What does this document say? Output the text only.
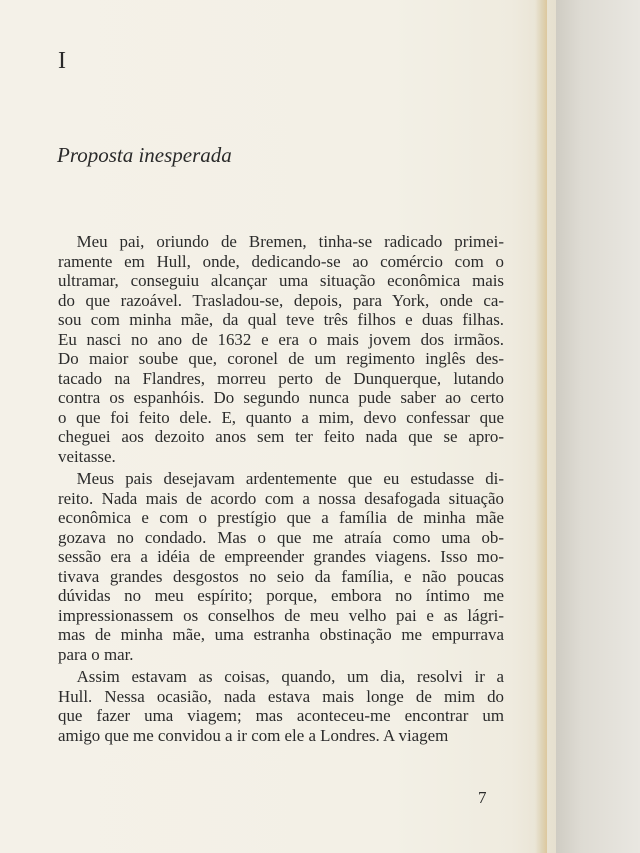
I
Proposta inesperada

Meu pai, oriundo de Bremen, tinha-se radicado primei-
ramente em Hull, onde, dedicando-se ao comércio com o
ultramar, conseguiu alcançar uma situação econômica mais
do que razoável. Trasladou-se, depois, para York, onde ca-
sou com minha mãe, da qual teve três filhos e duas filhas.
Eu nasci no ano de 1632 e era o mais jovem dos irmãos.
Do maior soube que, coronel de um regimento inglês des-
tacado na Flandres, morreu perto de Dunquerque, lutando
contra os espanhóis. Do segundo nunca pude saber ao certo
o que foi feito dele. E, quanto a mim, devo confessar que
cheguei aos dezoito anos sem ter feito nada que se apro-
veitasse.

Meus pais desejavam ardentemente que eu estudasse di-
reito. Nada mais de acordo com a nossa desafogada situação
econômica e com o prestígio que a família de minha mãe
gozava no condado. Mas o que me atraía como uma ob-
sessão era a idéia de empreender grandes viagens. Isso mo-
tivava grandes desgostos no seio da família, e não poucas
dúvidas no meu espírito; porque, embora no íntimo me
impressionassem os conselhos de meu velho pai e as lágri-
mas de minha mãe, uma estranha obstinação me empurrava
para o mar.

Assim estavam as coisas, quando, um dia, resolvi ir a
Hull. Nessa ocasião, nada estava mais longe de mim do
que fazer uma viagem; mas aconteceu-me encontrar um
amigo que me convidou a ir com ele a Londres. A viagem

7
